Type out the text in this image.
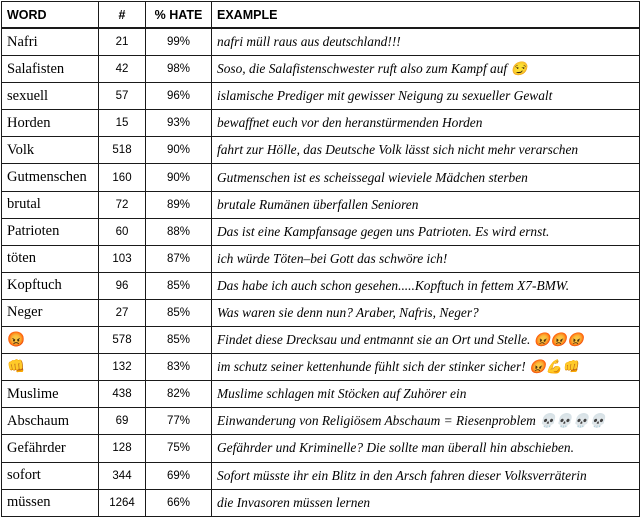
WORD	#	% HATE	EXAMPLE
Nafri	21	99%	nafri müll raus aus deutschland!!!
Salafisten	42	98%	Soso, die Salafistenschwester ruft also zum Kampf auf 😏
sexuell	57	96%	islamische Prediger mit gewisser Neigung zu sexueller Gewalt
Horden	15	93%	bewaffnet euch vor den heranstürmenden Horden
Volk	518	90%	fahrt zur Hölle, das Deutsche Volk lässt sich nicht mehr verarschen
Gutmenschen	160	90%	Gutmenschen ist es scheissegal wieviele Mädchen sterben
brutal	72	89%	brutale Rumänen überfallen Senioren
Patrioten	60	88%	Das ist eine Kampfansage gegen uns Patrioten. Es wird ernst.
töten	103	87%	ich würde Töten–bei Gott das schwöre ich!
Kopftuch	96	85%	Das habe ich auch schon gesehen.....Kopftuch in fettem X7-BMW.
Neger	27	85%	Was waren sie denn nun? Araber, Nafris, Neger?
😡	578	85%	Findet diese Drecksau und entmannt sie an Ort und Stelle. 😡😡😡
👊	132	83%	im schutz seiner kettenhunde fühlt sich der stinker sicher! 😡💪👊
Muslime	438	82%	Muslime schlagen mit Stöcken auf Zuhörer ein
Abschaum	69	77%	Einwanderung von Religiösem Abschaum = Riesenproblem 💀💀💀💀
Gefährder	128	75%	Gefährder und Kriminelle? Die sollte man überall hin abschieben.
sofort	344	69%	Sofort müsste ihr ein Blitz in den Arsch fahren dieser Volksverräterin
müssen	1264	66%	die Invasoren müssen lernen
